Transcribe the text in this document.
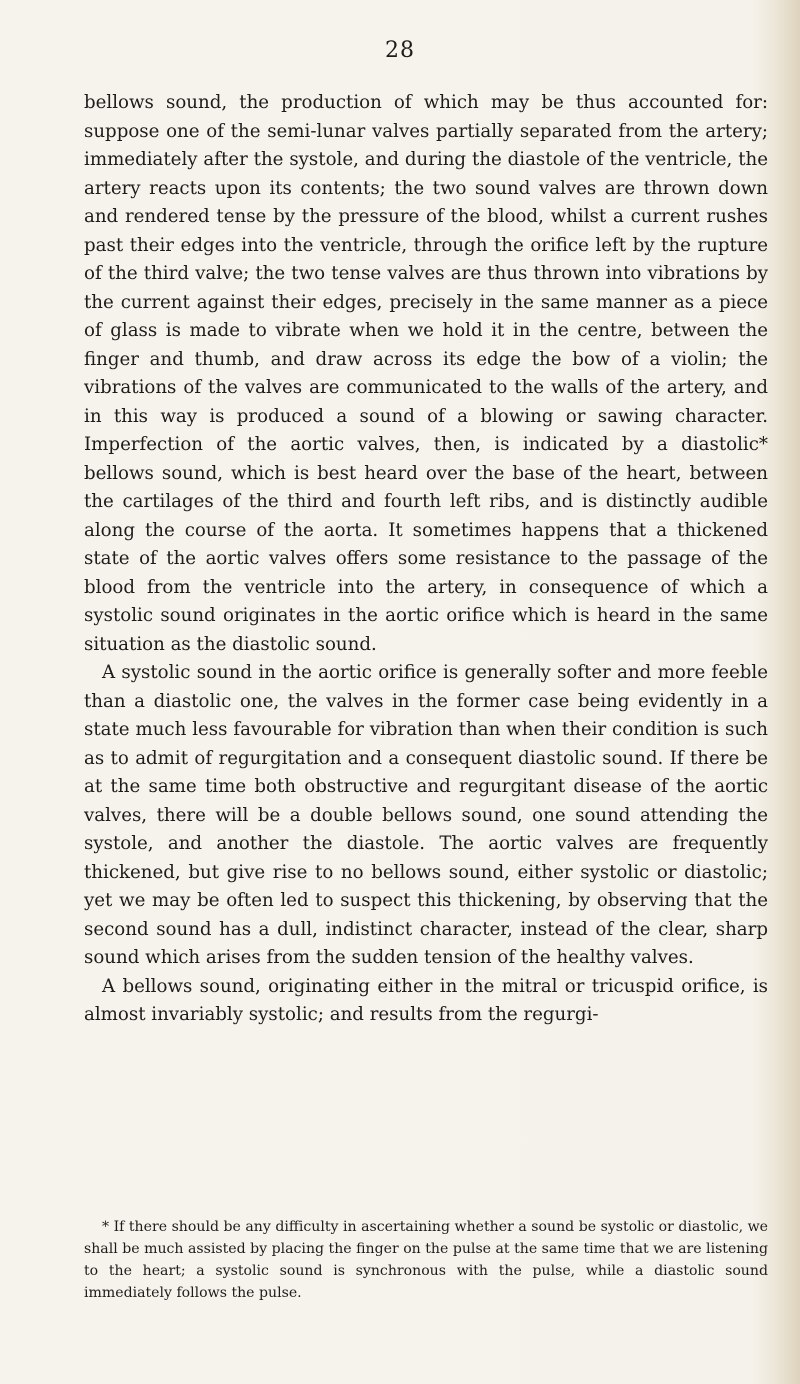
28

bellows sound, the production of which may be thus accounted for: suppose one of the semi-lunar valves partially separated from the artery; immediately after the systole, and during the diastole of the ventricle, the artery reacts upon its contents; the two sound valves are thrown down and rendered tense by the pressure of the blood, whilst a current rushes past their edges into the ventricle, through the orifice left by the rupture of the third valve; the two tense valves are thus thrown into vibrations by the current against their edges, precisely in the same manner as a piece of glass is made to vibrate when we hold it in the centre, between the finger and thumb, and draw across its edge the bow of a violin; the vibrations of the valves are communicated to the walls of the artery, and in this way is produced a sound of a blowing or sawing character. Imperfection of the aortic valves, then, is indicated by a diastolic* bellows sound, which is best heard over the base of the heart, between the cartilages of the third and fourth left ribs, and is distinctly audible along the course of the aorta. It sometimes happens that a thickened state of the aortic valves offers some resistance to the passage of the blood from the ventricle into the artery, in consequence of which a systolic sound originates in the aortic orifice which is heard in the same situation as the diastolic sound.

A systolic sound in the aortic orifice is generally softer and more feeble than a diastolic one, the valves in the former case being evidently in a state much less favourable for vibration than when their condition is such as to admit of regurgitation and a consequent diastolic sound. If there be at the same time both obstructive and regurgitant disease of the aortic valves, there will be a double bellows sound, one sound attending the systole, and another the diastole. The aortic valves are frequently thickened, but give rise to no bellows sound, either systolic or diastolic; yet we may be often led to suspect this thickening, by observing that the second sound has a dull, indistinct character, instead of the clear, sharp sound which arises from the sudden tension of the healthy valves.

A bellows sound, originating either in the mitral or tricuspid orifice, is almost invariably systolic; and results from the regurgi-

* If there should be any difficulty in ascertaining whether a sound be systolic or diastolic, we shall be much assisted by placing the finger on the pulse at the same time that we are listening to the heart; a systolic sound is synchronous with the pulse, while a diastolic sound immediately follows the pulse.
